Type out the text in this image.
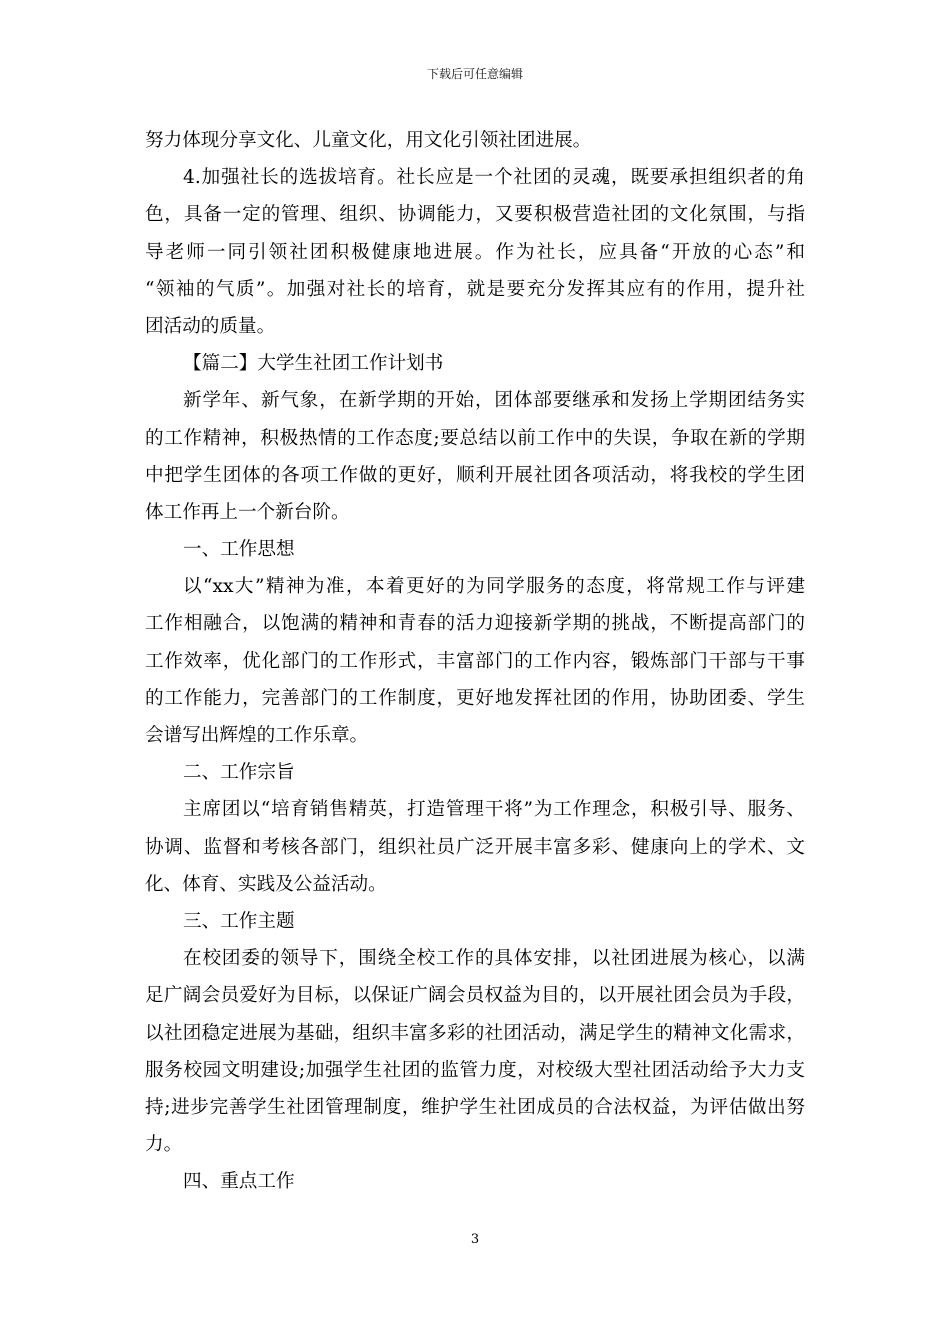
下载后可任意编辑
努力体现分享文化、儿童文化，用文化引领社团进展。
4.加强社长的选拔培育。社长应是一个社团的灵魂，既要承担组织者的角
色，具备一定的管理、组织、协调能力，又要积极营造社团的文化氛围，与指
导老师一同引领社团积极健康地进展。作为社长，应具备“开放的心态”和
“领袖的气质”。加强对社长的培育，就是要充分发挥其应有的作用，提升社
团活动的质量。
【篇二】大学生社团工作计划书
新学年、新气象，在新学期的开始，团体部要继承和发扬上学期团结务实
的工作精神，积极热情的工作态度;要总结以前工作中的失误，争取在新的学期
中把学生团体的各项工作做的更好，顺利开展社团各项活动，将我校的学生团
体工作再上一个新台阶。
一、工作思想
以“xx大”精神为准，本着更好的为同学服务的态度，将常规工作与评建
工作相融合，以饱满的精神和青春的活力迎接新学期的挑战，不断提高部门的
工作效率，优化部门的工作形式，丰富部门的工作内容，锻炼部门干部与干事
的工作能力，完善部门的工作制度，更好地发挥社团的作用，协助团委、学生
会谱写出辉煌的工作乐章。
二、工作宗旨
主席团以“培育销售精英，打造管理干将”为工作理念，积极引导、服务、
协调、监督和考核各部门，组织社员广泛开展丰富多彩、健康向上的学术、文
化、体育、实践及公益活动。
三、工作主题
在校团委的领导下，围绕全校工作的具体安排，以社团进展为核心，以满
足广阔会员爱好为目标，以保证广阔会员权益为目的，以开展社团会员为手段，
以社团稳定进展为基础，组织丰富多彩的社团活动，满足学生的精神文化需求，
服务校园文明建设;加强学生社团的监管力度，对校级大型社团活动给予大力支
持;进步完善学生社团管理制度，维护学生社团成员的合法权益，为评估做出努
力。
四、重点工作
3
